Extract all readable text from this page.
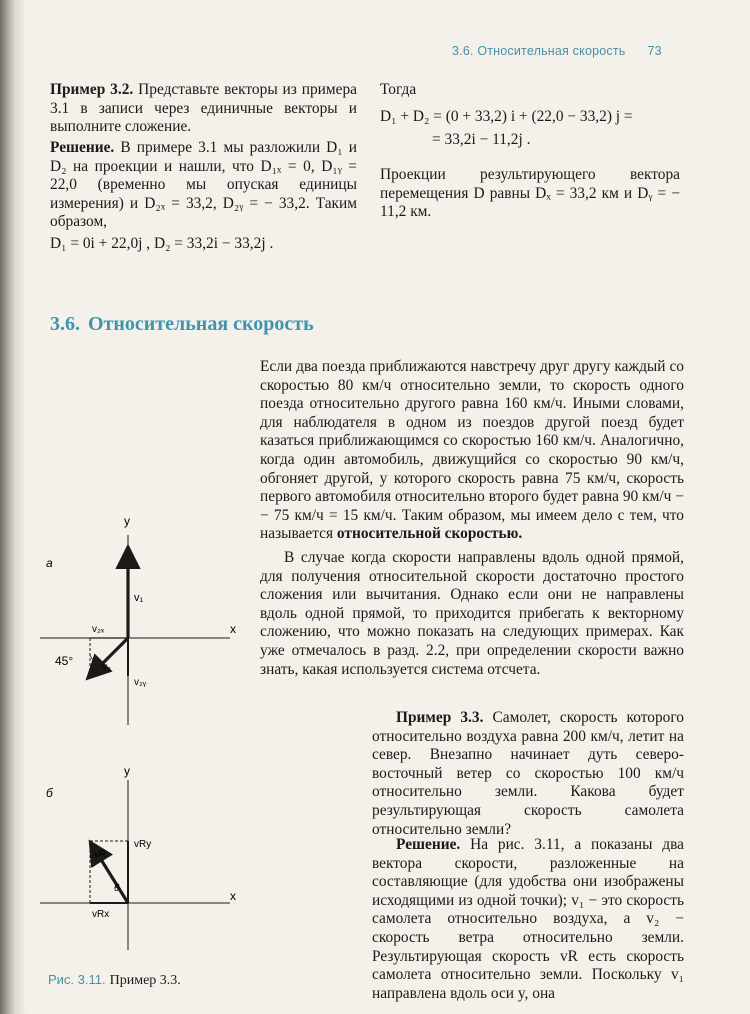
3.6. Относительная скорость 73
Пример 3.2. Представьте векторы из примера 3.1 в записи через единичные векторы и выполните сложение.
Решение. В примере 3.1 мы разложили D₁ и D₂ на проекции и нашли, что D₁ₓ = 0, D₁ᵧ = 22,0 (временно мы опуская единицы измерения) и D₂ₓ = 33,2, D₂ᵧ = − 33,2. Таким образом,
D₁ = 0i + 22,0j , D₂ = 33,2i − 33,2j .
Тогда
D₁ + D₂ = (0 + 33,2) i + (22,0 − 33,2) j =
= 33,2i − 11,2j .
Проекции результирующего вектора перемещения D равны Dₓ = 33,2 км и Dᵧ = − 11,2 км.
3.6. Относительная скорость
Если два поезда приближаются навстречу друг другу каждый со скоростью 80 км/ч относительно земли, то скорость одного поезда относительно другого равна 160 км/ч. Иными словами, для наблюдателя в одном из поездов другой поезд будет казаться приближающимся со скоростью 160 км/ч. Аналогично, когда один автомобиль, движущийся со скоростью 90 км/ч, обгоняет другой, у которого скорость равна 75 км/ч, скорость первого автомобиля относительно второго будет равна 90 км/ч − − 75 км/ч = 15 км/ч. Таким образом, мы имеем дело с тем, что называется относительной скоростью.
В случае когда скорости направлены вдоль одной прямой, для получения относительной скорости достаточно простого сложения или вычитания. Однако если они не направлены вдоль одной прямой, то приходится прибегать к векторному сложению, что можно показать на следующих примерах. Как уже отмечалось в разд. 2.2, при определении скорости важно знать, какая используется система отсчета.
Пример 3.3. Самолет, скорость которого относительно воздуха равна 200 км/ч, летит на север. Внезапно начинает дуть северо-восточный ветер со скоростью 100 км/ч относительно земли. Какова будет результирующая скорость самолета относительно земли?
Решение. На рис. 3.11, а показаны два вектора скорости, разложенные на составляющие (для удобства они изображены исходящими из одной точки); v₁ − это скорость самолета относительно воздуха, а v₂ − скорость ветра относительно земли. Результирующая скорость vR есть скорость самолета относительно земли. Поскольку v₁ направлена вдоль оси y, она
а
y
x
v₁
v₂ₓ
v₂
v₂ᵧ
45°
б
y
x
vR
vRy
vRx
θ
Рис. 3.11. Пример 3.3.
